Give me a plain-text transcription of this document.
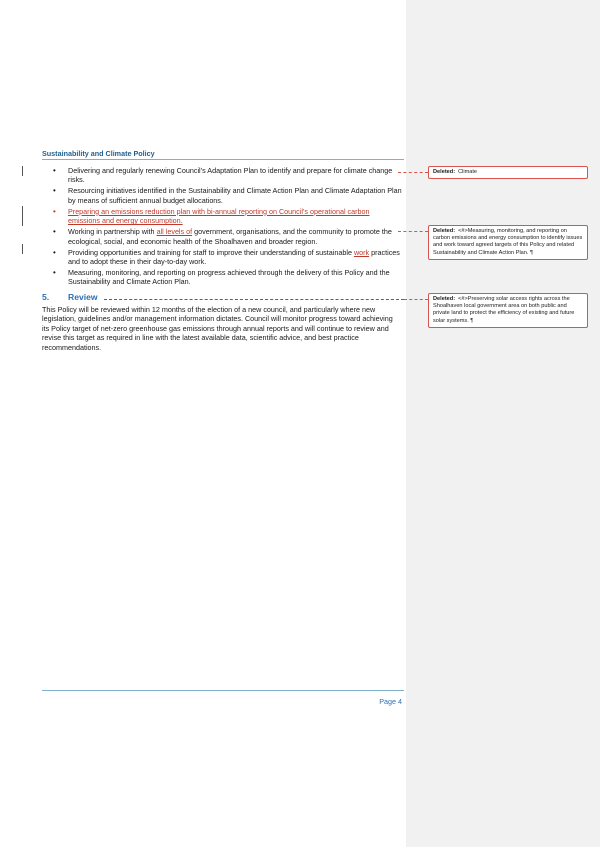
Sustainability and Climate Policy
• Delivering and regularly renewing Council’s Adaptation Plan to identify and prepare for climate change risks.
• Resourcing initiatives identified in the Sustainability and Climate Action Plan and Climate Adaptation Plan by means of sufficient annual budget allocations.
• Preparing an emissions reduction plan with bi-annual reporting on Council’s operational carbon emissions and energy consumption.
• Working in partnership with all levels of government, organisations, and the community to promote the ecological, social, and economic health of the Shoalhaven and broader region.
• Providing opportunities and training for staff to improve their understanding of sustainable work practices and to adopt these in their day-to-day work.
• Measuring, monitoring, and reporting on progress achieved through the delivery of this Policy and the Sustainability and Climate Action Plan.
5. Review

This Policy will be reviewed within 12 months of the election of a new council, and particularly where new legislation, guidelines and/or management information dictates. Council will monitor progress toward achieving its Policy target of net-zero greenhouse gas emissions through annual reports and will continue to review and revise this target as required in line with the latest available data, scientific advice, and best practice recommendations.

Page 4
Deleted: Climate
Deleted: <#>Measuring, monitoring, and reporting on carbon emissions and energy consumption to identify issues and work toward agreed targets of this Policy and related Sustainability and Climate Action Plan. ¶
Deleted: <#>Preserving solar access rights across the Shoalhaven local government area on both public and private land to protect the efficiency of existing and future solar systems. ¶
